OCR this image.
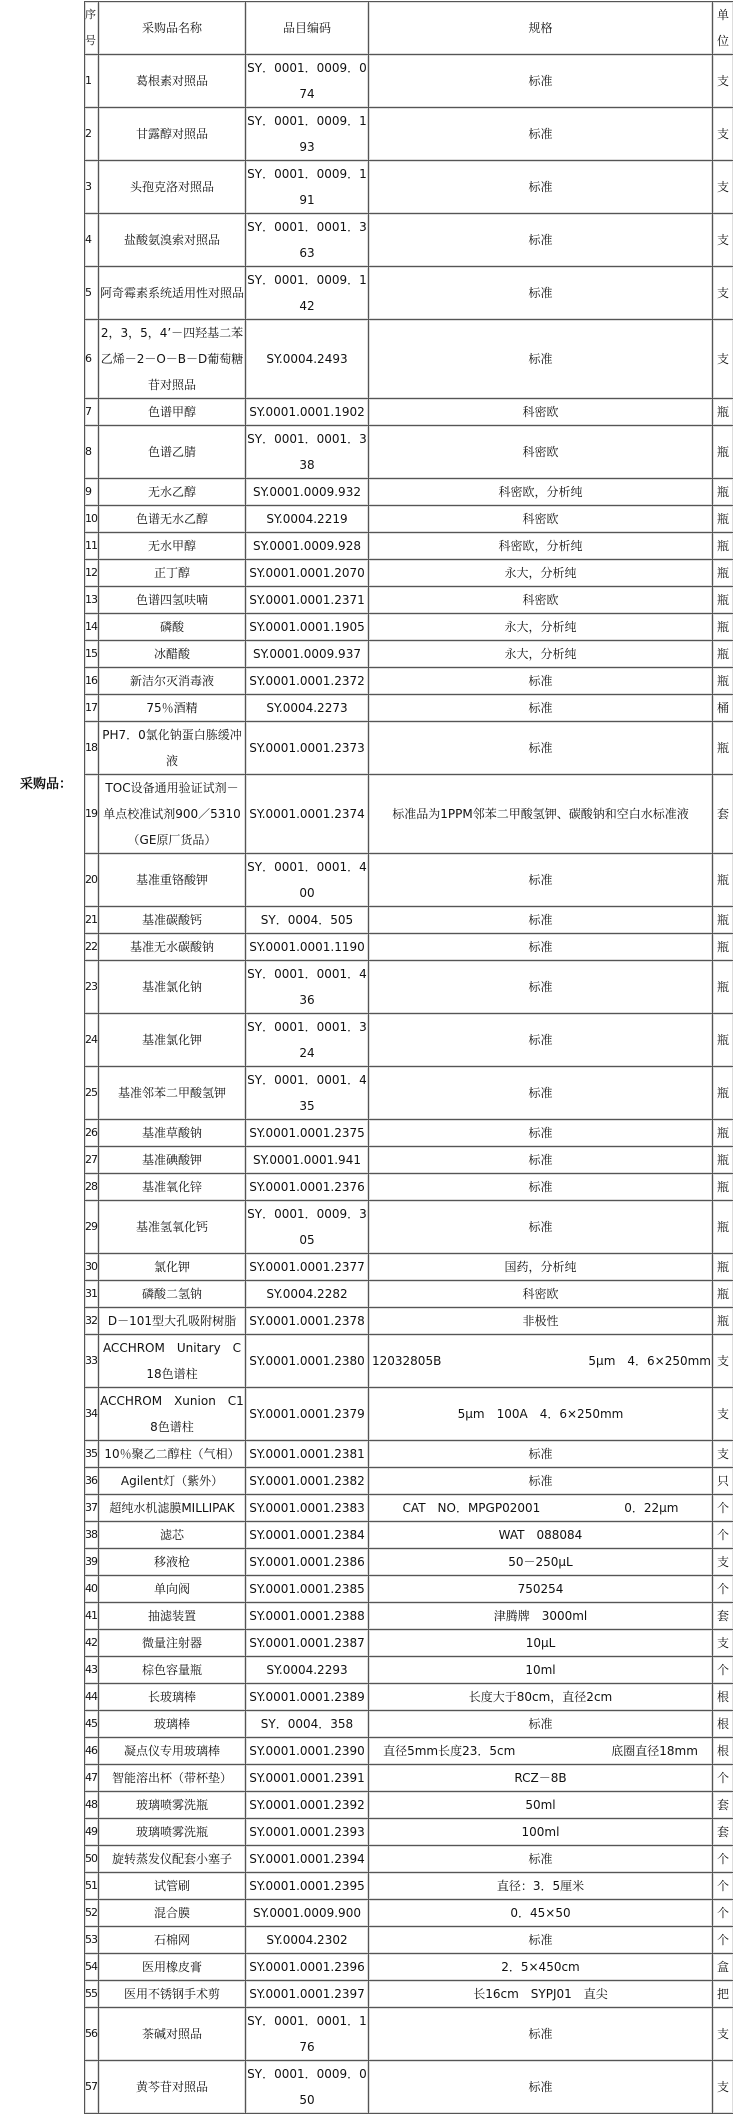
采购品：
序号	采购品名称	品目编码	规格	单位
1	葛根素对照品	SY．0001．0009．074	标准	支
2	甘露醇对照品	SY．0001．0009．193	标准	支
3	头孢克洛对照品	SY．0001．0009．191	标准	支
4	盐酸氨溴索对照品	SY．0001．0001．363	标准	支
5	阿奇霉素系统适用性对照品	SY．0001．0009．142	标准	支
6	2，3，5，4’－四羟基二苯乙烯－2－O－B－D葡萄糖苷对照品	SY.0004.2493	标准	支
7	色谱甲醇	SY.0001.0001.1902	科密欧	瓶
8	色谱乙腈	SY．0001．0001．338	科密欧	瓶
9	无水乙醇	SY.0001.0009.932	科密欧，分析纯	瓶
10	色谱无水乙醇	SY.0004.2219	科密欧	瓶
11	无水甲醇	SY.0001.0009.928	科密欧，分析纯	瓶
12	正丁醇	SY.0001.0001.2070	永大，分析纯	瓶
13	色谱四氢呋喃	SY.0001.0001.2371	科密欧	瓶
14	磷酸	SY.0001.0001.1905	永大，分析纯	瓶
15	冰醋酸	SY.0001.0009.937	永大，分析纯	瓶
16	新洁尔灭消毒液	SY.0001.0001.2372	标准	瓶
17	75％酒精	SY.0004.2273	标准	桶
18	PH7．0氯化钠蛋白胨缓冲液	SY.0001.0001.2373	标准	瓶
19	TOC设备通用验证试剂－单点校准试剂900／5310（GE原厂货品）	SY.0001.0001.2374	标准品为1PPM邻苯二甲酸氢钾、碳酸钠和空白水标准液	套
20	基准重铬酸钾	SY．0001．0001．400	标准	瓶
21	基准碳酸钙	SY．0004．505	标准	瓶
22	基准无水碳酸钠	SY.0001.0001.1190	标准	瓶
23	基准氯化钠	SY．0001．0001．436	标准	瓶
24	基准氯化钾	SY．0001．0001．324	标准	瓶
25	基准邻苯二甲酸氢钾	SY．0001．0001．435	标准	瓶
26	基准草酸钠	SY.0001.0001.2375	标准	瓶
27	基准碘酸钾	SY.0001.0001.941	标准	瓶
28	基准氧化锌	SY.0001.0001.2376	标准	瓶
29	基准氢氧化钙	SY．0001．0009．305	标准	瓶
30	氯化钾	SY.0001.0001.2377	国药，分析纯	瓶
31	磷酸二氢钠	SY.0004.2282	科密欧	瓶
32	D－101型大孔吸附树脂	SY.0001.0001.2378	非极性	瓶
33	ACCHROM　Unitary　C18色谱柱	SY.0001.0001.2380	12032805B 5μm　4．6×250mm	支
34	ACCHROM　Xunion　C18色谱柱	SY.0001.0001.2379	5μm　100A　4．6×250mm	支
35	10％聚乙二醇柱（气相）	SY.0001.0001.2381	标准	支
36	Agilent灯（紫外）	SY.0001.0001.2382	标准	只
37	超纯水机滤膜MILLIPAK	SY.0001.0001.2383	CAT　NO．MPGP02001　　　　　　　0．22μm	个
38	滤芯	SY.0001.0001.2384	WAT　088084	个
39	移液枪	SY.0001.0001.2386	50－250μL	支
40	单向阀	SY.0001.0001.2385	750254	个
41	抽滤装置	SY.0001.0001.2388	津腾牌　3000ml	套
42	微量注射器	SY.0001.0001.2387	10μL	支
43	棕色容量瓶	SY.0004.2293	10ml	个
44	长玻璃棒	SY.0001.0001.2389	长度大于80cm，直径2cm	根
45	玻璃棒	SY．0004．358	标准	根
46	凝点仪专用玻璃棒	SY.0001.0001.2390	直径5mm长度23．5cm　　　　　　　　底圈直径18mm	根
47	智能溶出杯（带杯垫）	SY.0001.0001.2391	RCZ－8B	个
48	玻璃喷雾洗瓶	SY.0001.0001.2392	50ml	套
49	玻璃喷雾洗瓶	SY.0001.0001.2393	100ml	套
50	旋转蒸发仪配套小塞子	SY.0001.0001.2394	标准	个
51	试管刷	SY.0001.0001.2395	直径：3．5厘米	个
52	混合膜	SY.0001.0009.900	0．45×50	个
53	石棉网	SY.0004.2302	标准	个
54	医用橡皮膏	SY.0001.0001.2396	2．5×450cm	盒
55	医用不锈钢手术剪	SY.0001.0001.2397	长16cm　SYPJ01　直尖	把
56	茶碱对照品	SY．0001．0001．176	标准	支
57	黄芩苷对照品	SY．0001．0009．050	标准	支
